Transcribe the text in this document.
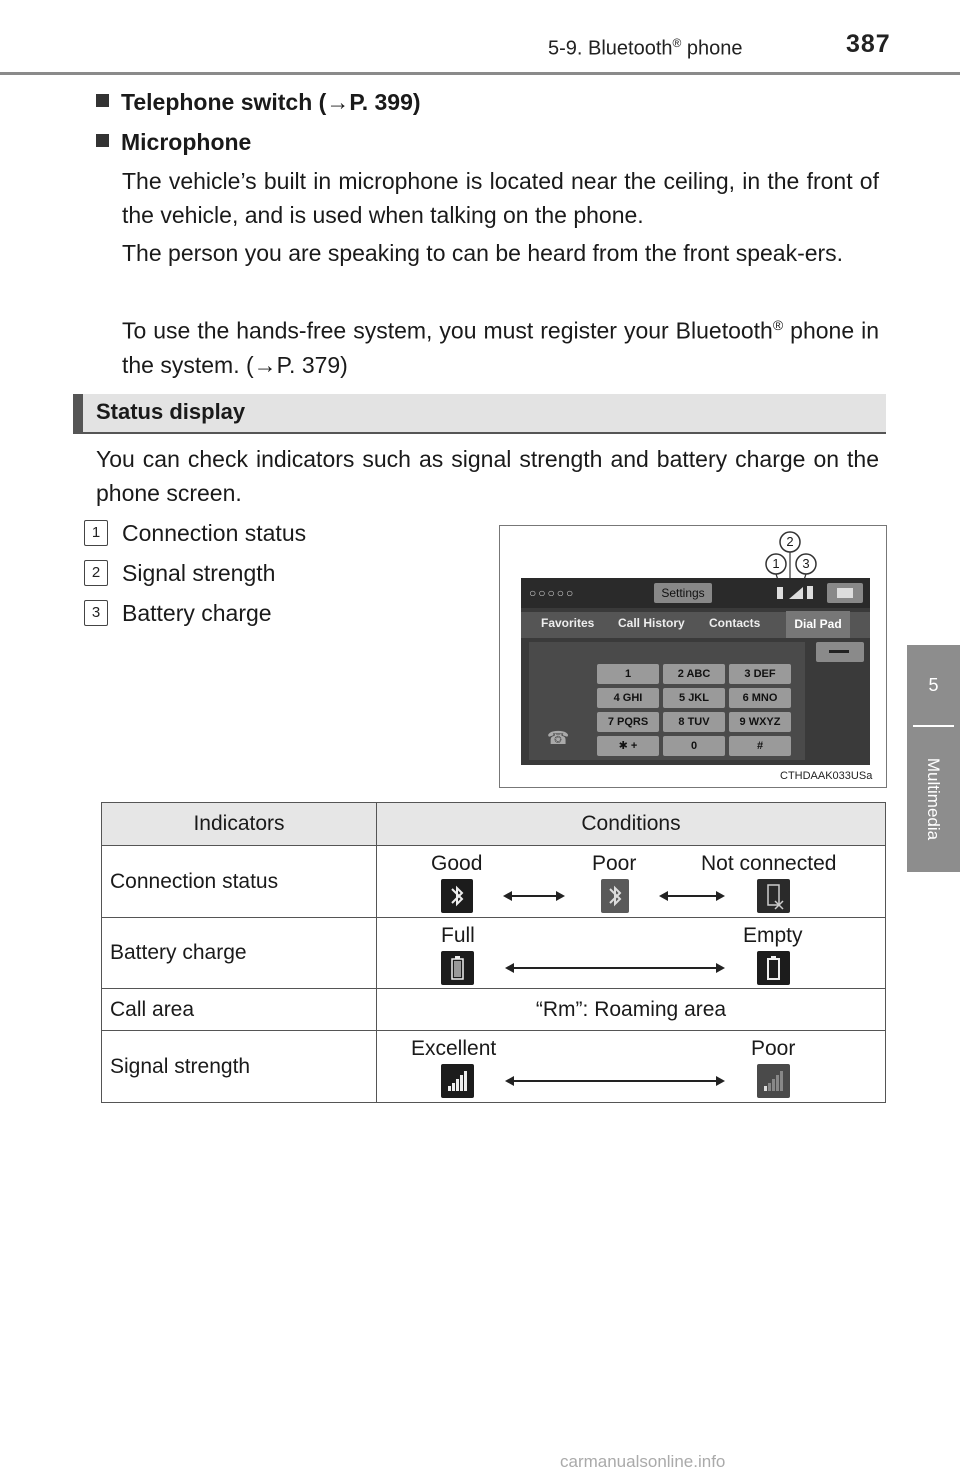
5-9. Bluetooth® phone	387
5
Multimedia
Telephone switch (→P. 399)
Microphone
The vehicle’s built in microphone is located near the ceiling, in the front of the vehicle, and is used when talking on the phone.
The person you are speaking to can be heard from the front speak-ers.
To use the hands-free system, you must register your Bluetooth® phone in the system. (→P. 379)
Status display
You can check indicators such as signal strength and battery charge on the phone screen.
1 Connection status
2 Signal strength
3 Battery charge
1
2
3
○○○○○	Settings
Favorites Call History Contacts	Dial Pad
☎
1	2 ABC	3 DEF
4 GHI	5 JKL	6 MNO
7 PQRS	8 TUV	9 WXYZ
✱ +	0	#
CTHDAAK033USa
Indicators	Conditions
Connection status	Good Poor Not connected

Battery charge	Full Empty

Call area	“Rm”: Roaming area
Signal strength	Excellent Poor
carmanualsonline.info
